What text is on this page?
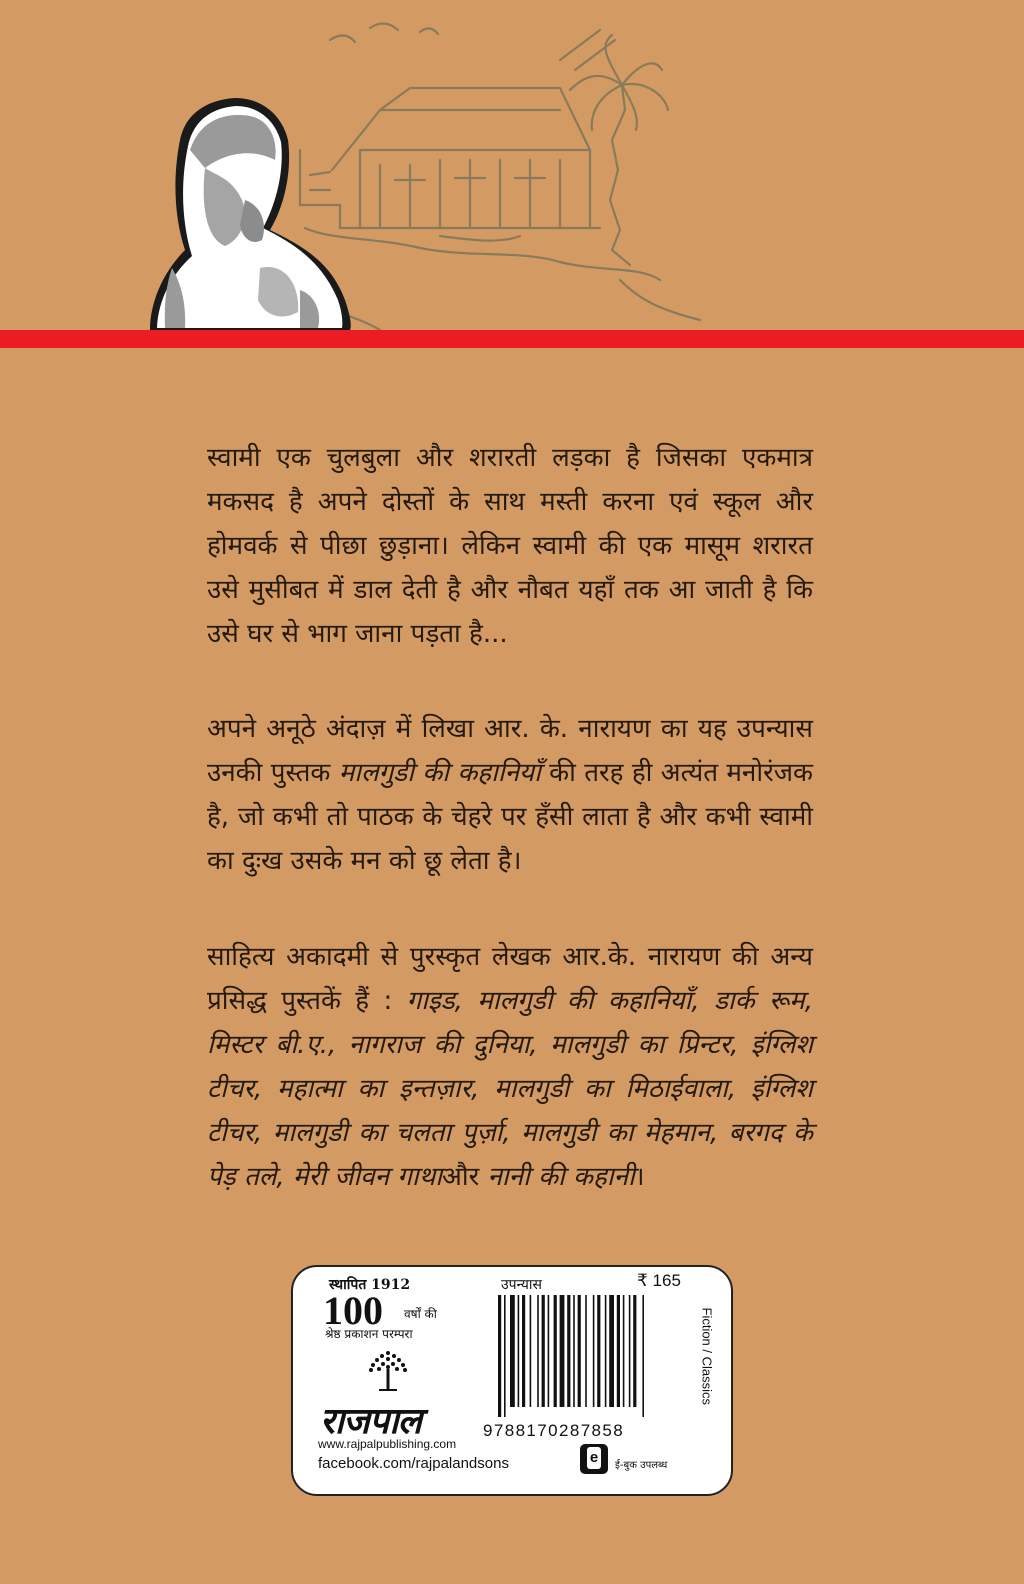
स्वामी एक चुलबुला और शरारती लड़का है जिसका एकमात्र मकसद है अपने दोस्तों के साथ मस्ती करना एवं स्कूल और होमवर्क से पीछा छुड़ाना। लेकिन स्वामी की एक मासूम शरारत उसे मुसीबत में डाल देती है और नौबत यहाँ तक आ जाती है कि उसे घर से भाग जाना पड़ता है...
अपने अनूठे अंदाज़ में लिखा आर. के. नारायण का यह उपन्यास उनकी पुस्तक मालगुडी की कहानियाँ की तरह ही अत्यंत मनोरंजक है, जो कभी तो पाठक के चेहरे पर हँसी लाता है और कभी स्वामी का दुःख उसके मन को छू लेता है।
साहित्य अकादमी से पुरस्कृत लेखक आर.के. नारायण की अन्य प्रसिद्ध पुस्तकें हैं : गाइड, मालगुडी की कहानियाँ, डार्क रूम, मिस्टर बी.ए., नागराज की दुनिया, मालगुडी का प्रिन्टर, इंग्लिश टीचर, महात्मा का इन्तज़ार, मालगुडी का मिठाईवाला, इंग्लिश टीचर, मालगुडी का चलता पुर्ज़ा, मालगुडी का मेहमान, बरगद के पेड़ तले, मेरी जीवन गाथाऔर नानी की कहानी।
स्थापित 1912
100 वर्षों की
श्रेष्ठ प्रकाशन परम्परा
राजपाल
www.rajpalpublishing.com
facebook.com/rajpalandsons
उपन्यास	₹ 165
9788170287858
Fiction / Classics
e ई-बुक उपलब्ध
